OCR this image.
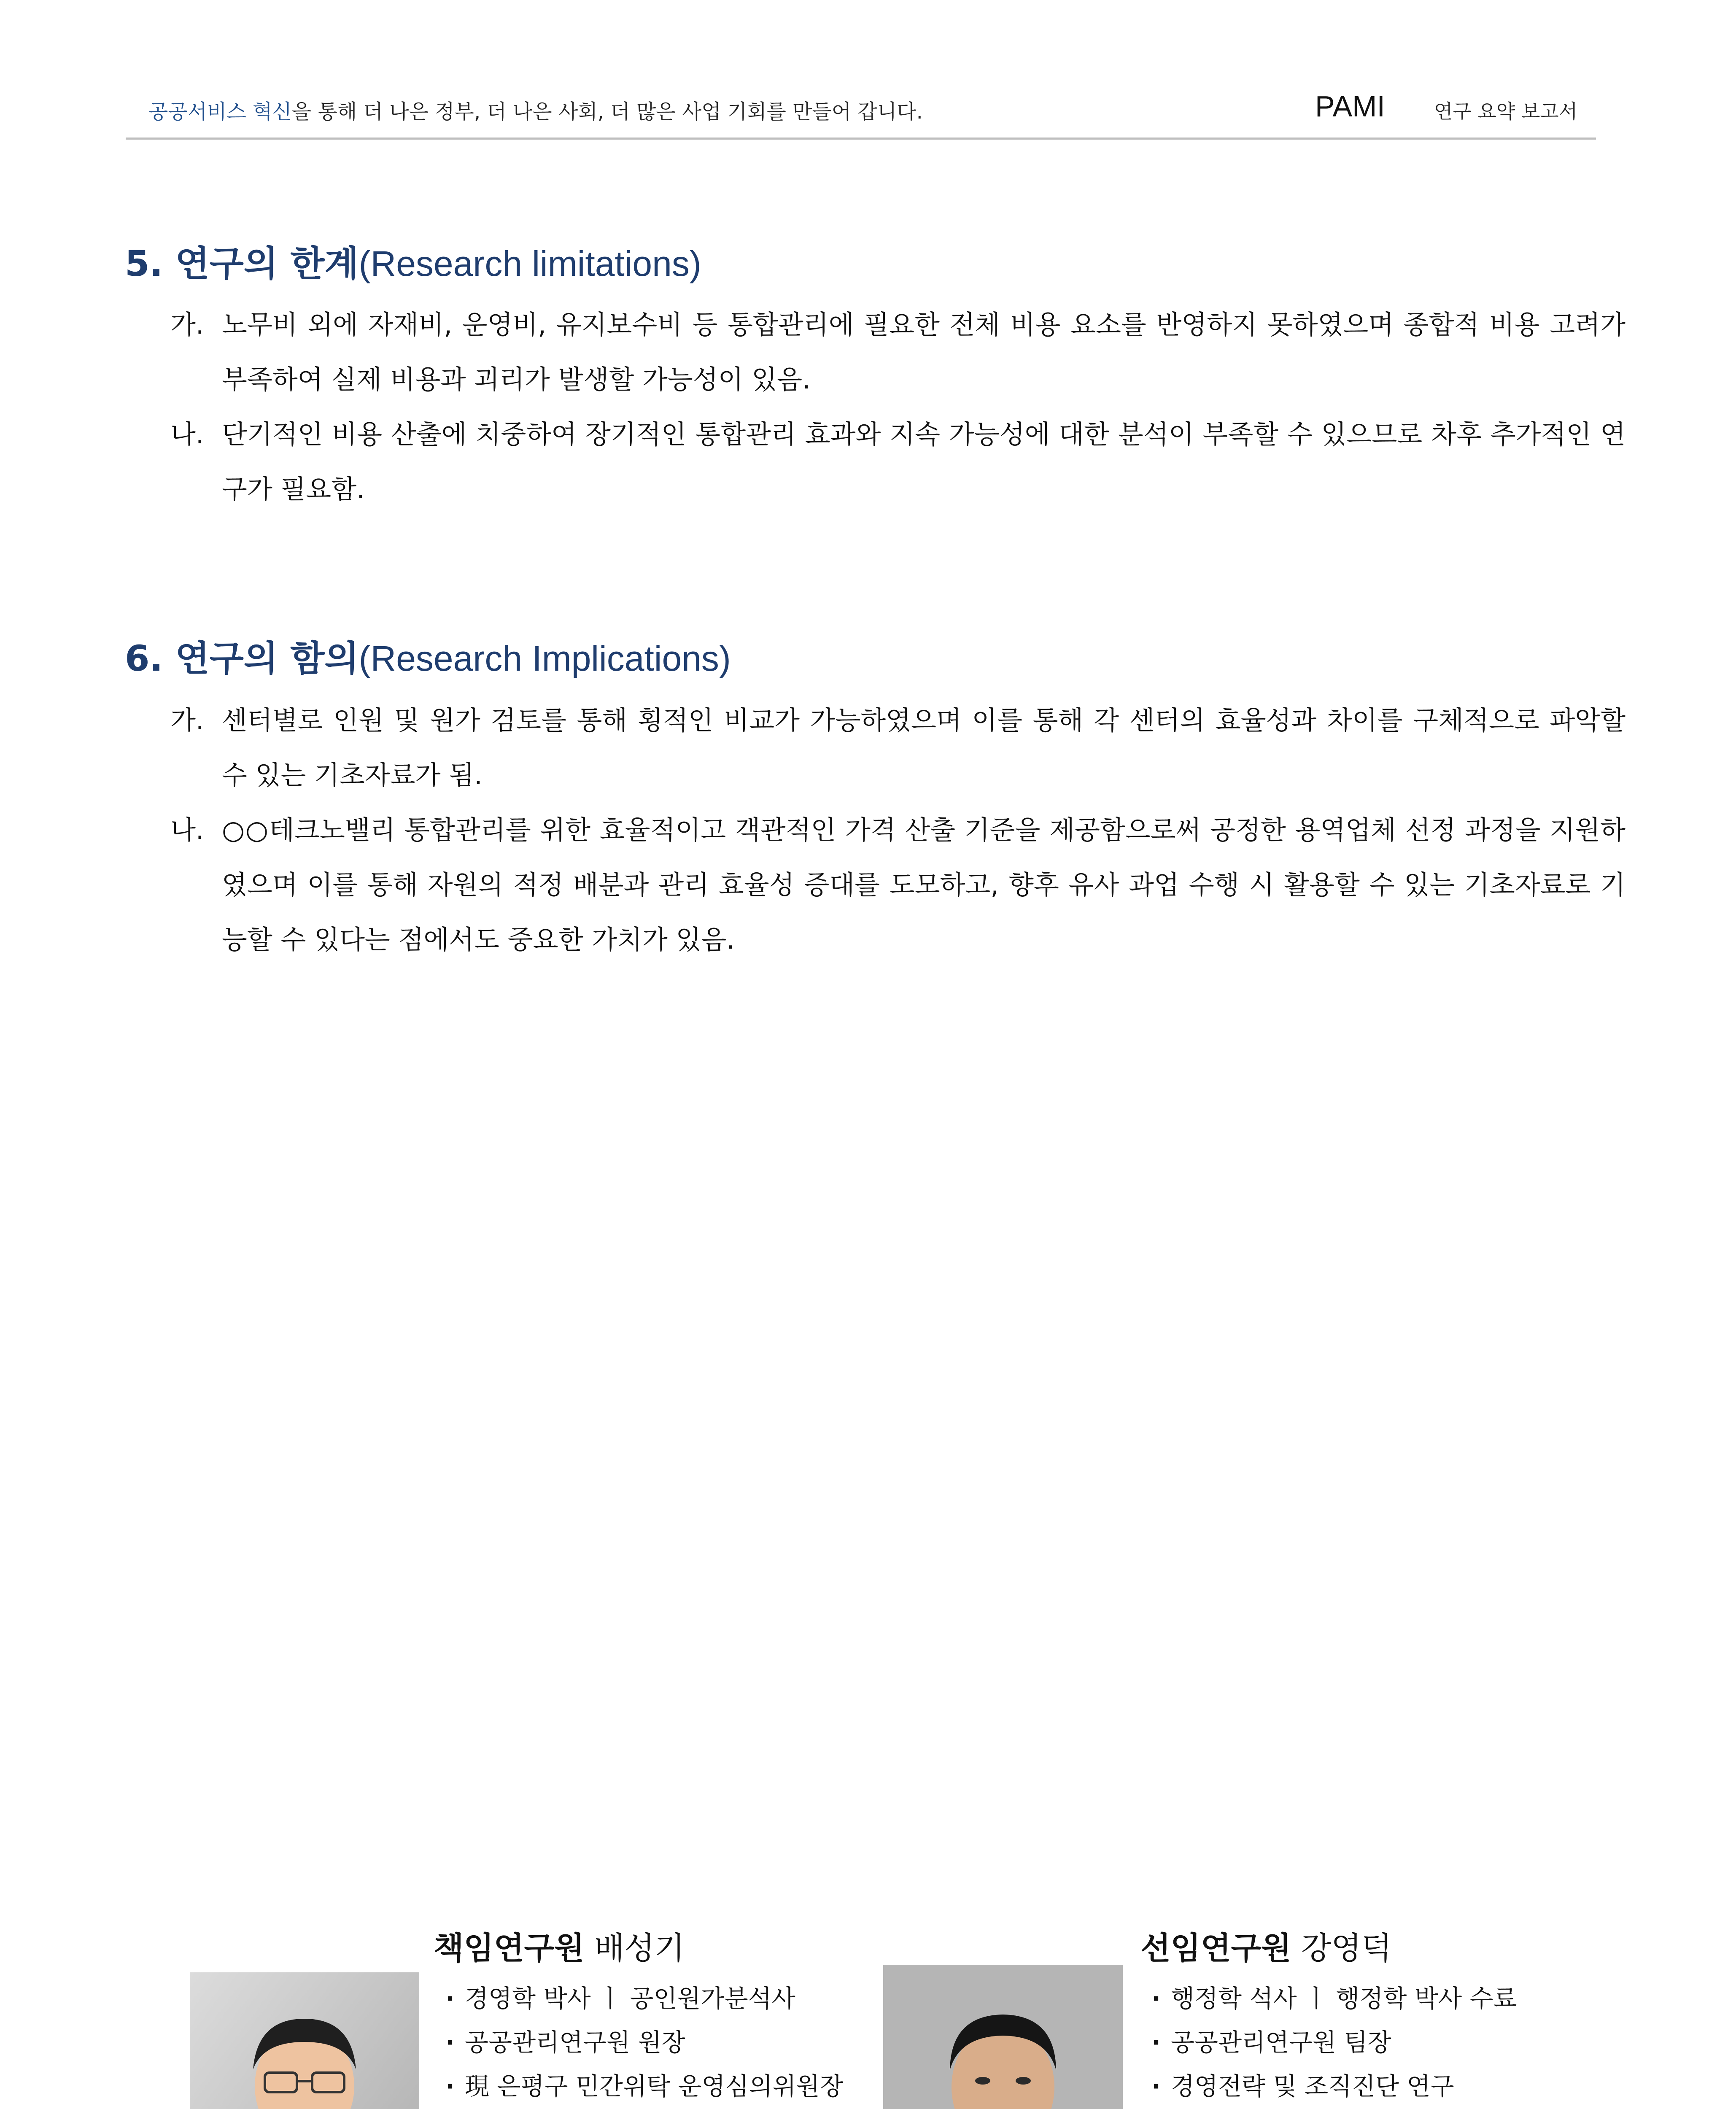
공공서비스 혁신을 통해 더 나은 정부, 더 나은 사회, 더 많은 사업 기회를 만들어 갑니다.	PAMI	연구 요약 보고서
5. 연구의 한계(Research limitations)
가. 노무비 외에 자재비, 운영비, 유지보수비 등 통합관리에 필요한 전체 비용 요소를 반영하지 못하였으며 종합적 비용 고려가 부족하여 실제 비용과 괴리가 발생할 가능성이 있음.
나. 단기적인 비용 산출에 치중하여 장기적인 통합관리 효과와 지속 가능성에 대한 분석이 부족할 수 있으므로 차후 추가적인 연구가 필요함.
6. 연구의 함의(Research Implications)
가. 센터별로 인원 및 원가 검토를 통해 횡적인 비교가 가능하였으며 이를 통해 각 센터의 효율성과 차이를 구체적으로 파악할 수 있는 기초자료가 됨.
나. ○○테크노밸리 통합관리를 위한 효율적이고 객관적인 가격 산출 기준을 제공함으로써 공정한 용역업체 선정 과정을 지원하였으며 이를 통해 자원의 적정 배분과 관리 효율성 증대를 도모하고, 향후 유사 과업 수행 시 활용할 수 있는 기초자료로 기능할 수 있다는 점에서도 중요한 가치가 있음.
책임연구원 배성기
· 경영학 박사 ㅣ 공인원가분석사
· 공공관리연구원 원장
· 現 은평구 민간위탁 운영심의위원장
·
선임연구원 강영덕
· 행정학 석사 ㅣ 행정학 박사 수료
· 공공관리연구원 팀장
· 경영전략 및 조직진단 연구
·
